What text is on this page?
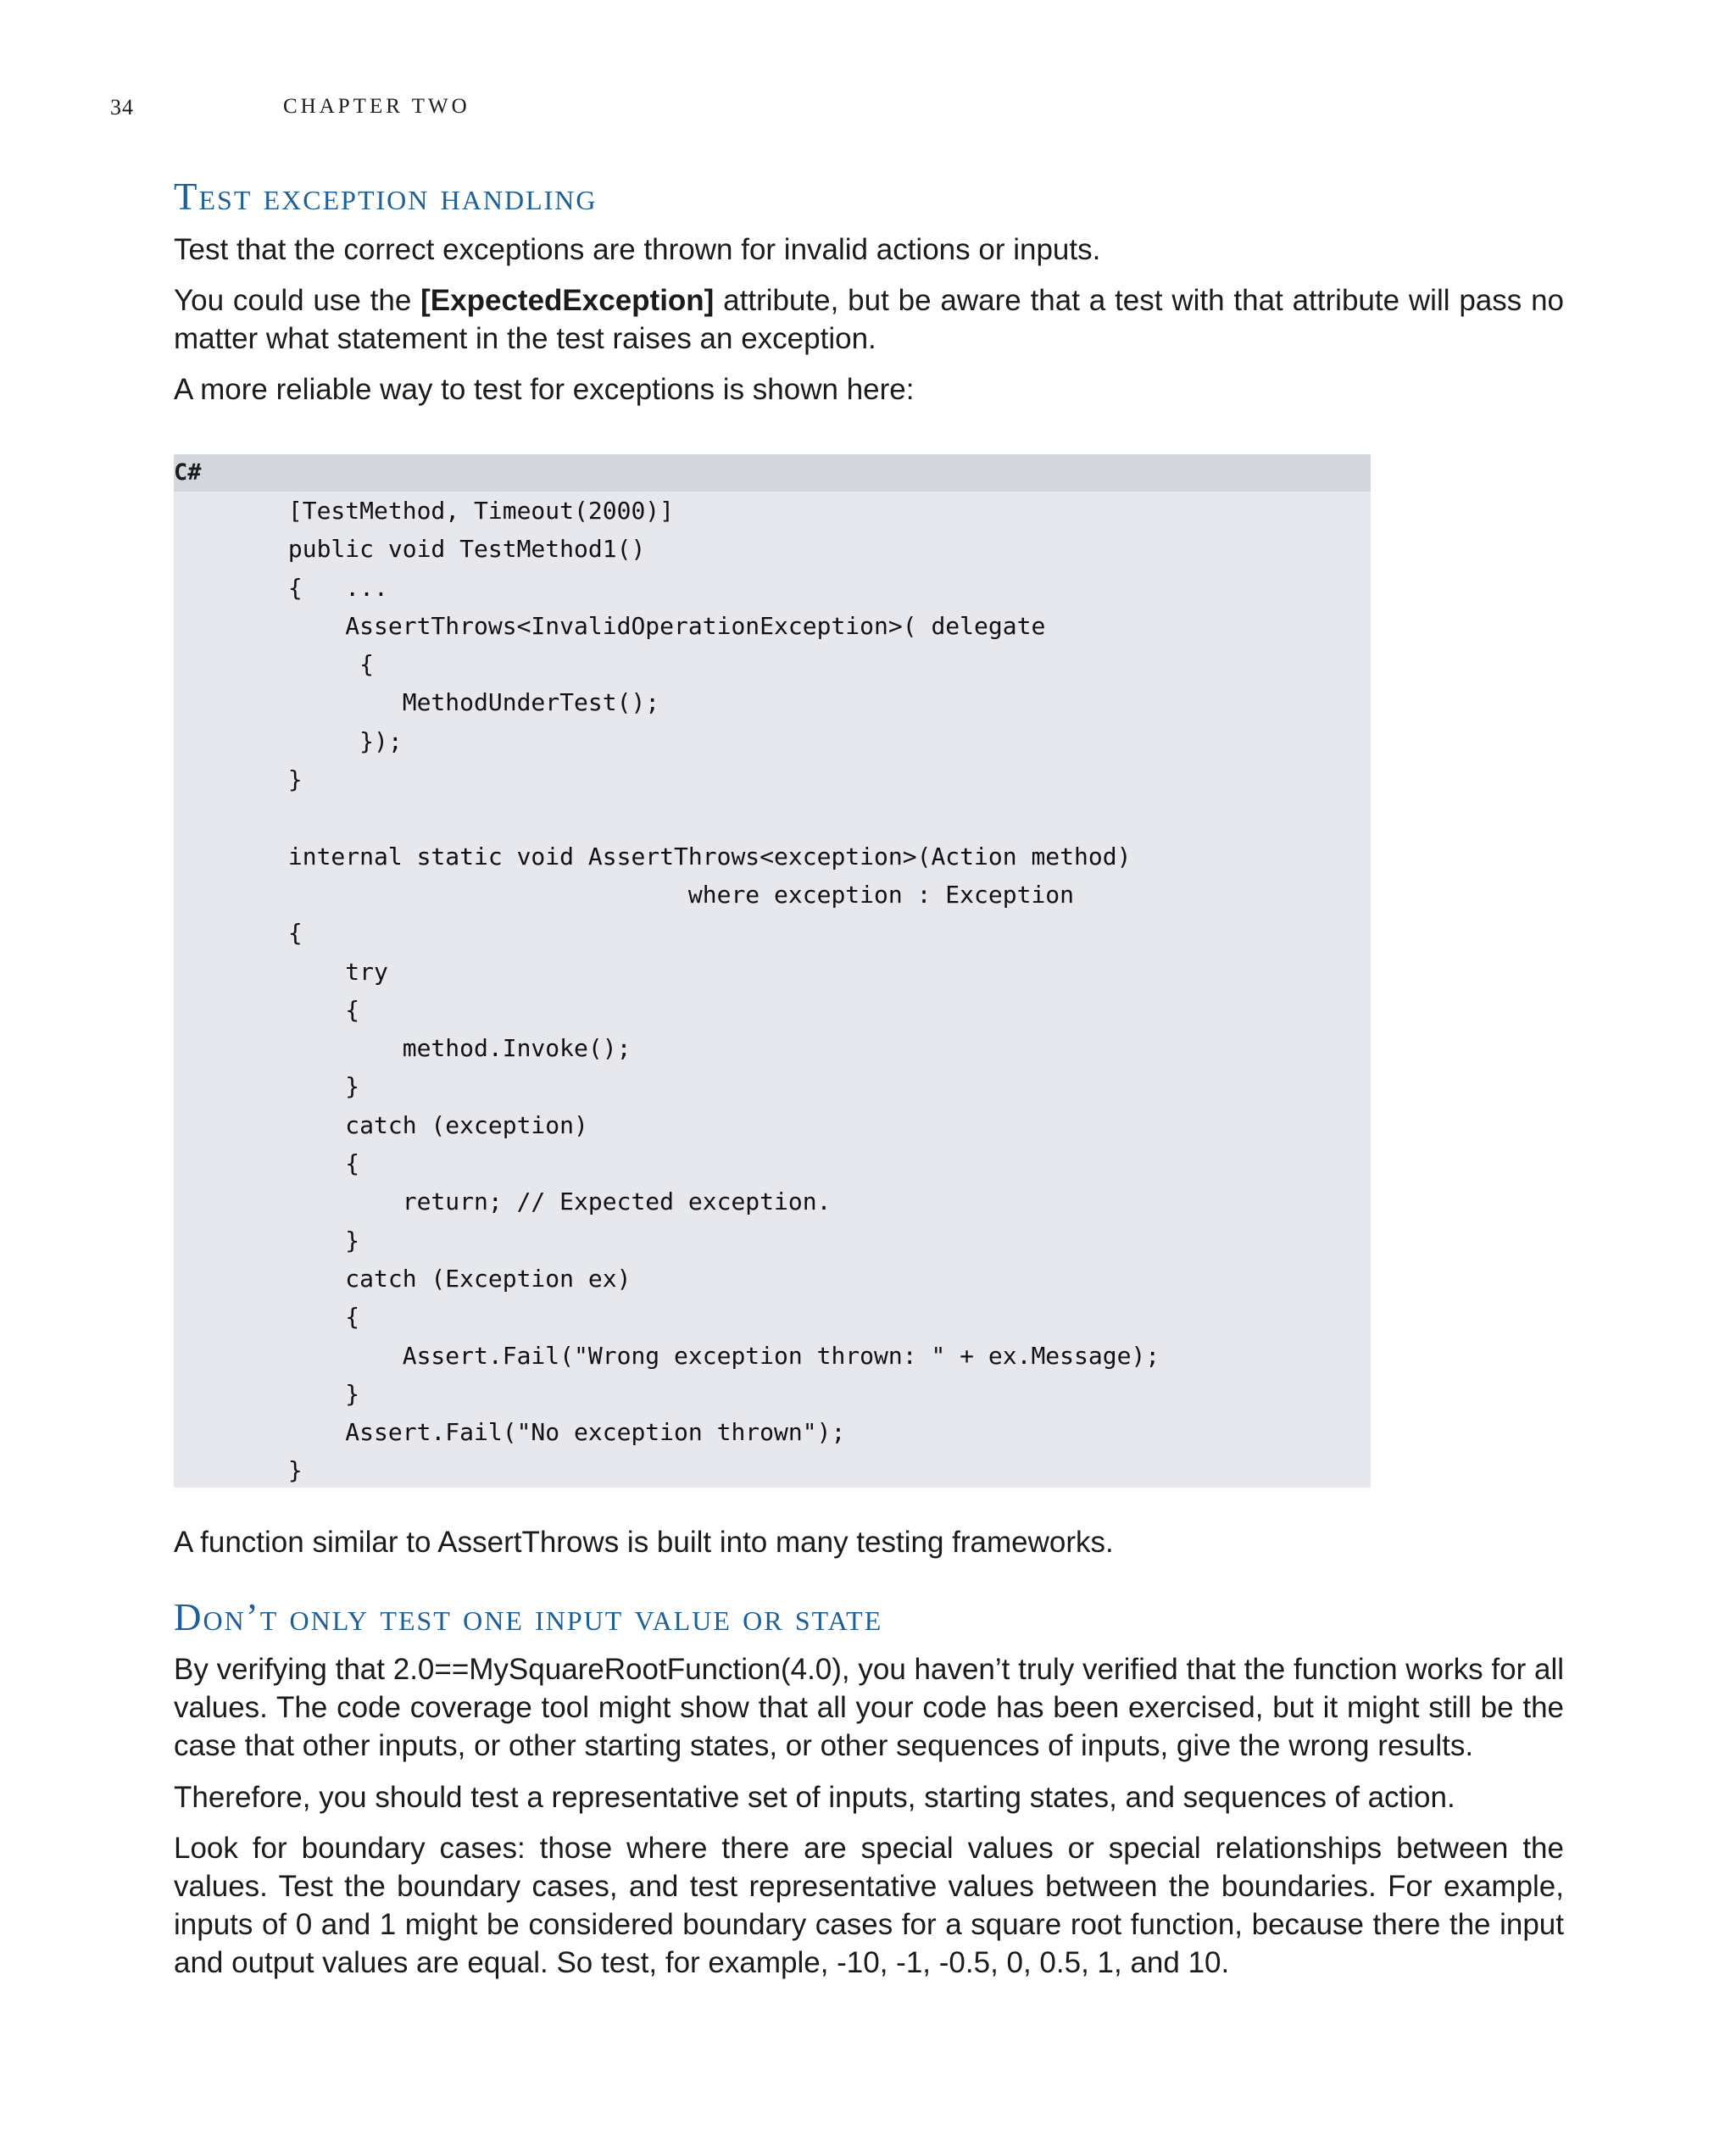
34	CHAPTER TWO
Test exception handling

Test that the correct exceptions are thrown for invalid actions or inputs.

You could use the [ExpectedException] attribute, but be aware that a test with that attribute will pass no matter what statement in the test raises an exception.

A more reliable way to test for exceptions is shown here:

C#
[TestMethod, Timeout(2000)]
public void TestMethod1()
{   ...
AssertThrows<InvalidOperationException>( delegate
{
MethodUnderTest();
});
}

internal static void AssertThrows<exception>(Action method)
where exception : Exception
{
try
{
method.Invoke();
}
catch (exception)
{
return; // Expected exception.
}
catch (Exception ex)
{
Assert.Fail("Wrong exception thrown: " + ex.Message);
}
Assert.Fail("No exception thrown");
}

A function similar to AssertThrows is built into many testing frameworks.

Don’t only test one input value or state

By verifying that 2.0==MySquareRootFunction(4.0), you haven’t truly verified that the function works for all values. The code coverage tool might show that all your code has been exercised, but it might still be the case that other inputs, or other starting states, or other sequences of inputs, give the wrong results.

Therefore, you should test a representative set of inputs, starting states, and sequences of action.

Look for boundary cases: those where there are special values or special relationships between the values. Test the boundary cases, and test representative values between the boundaries. For example, inputs of 0 and 1 might be considered boundary cases for a square root function, because there the input and output values are equal. So test, for example, -10, -1, -0.5, 0, 0.5, 1, and 10.
